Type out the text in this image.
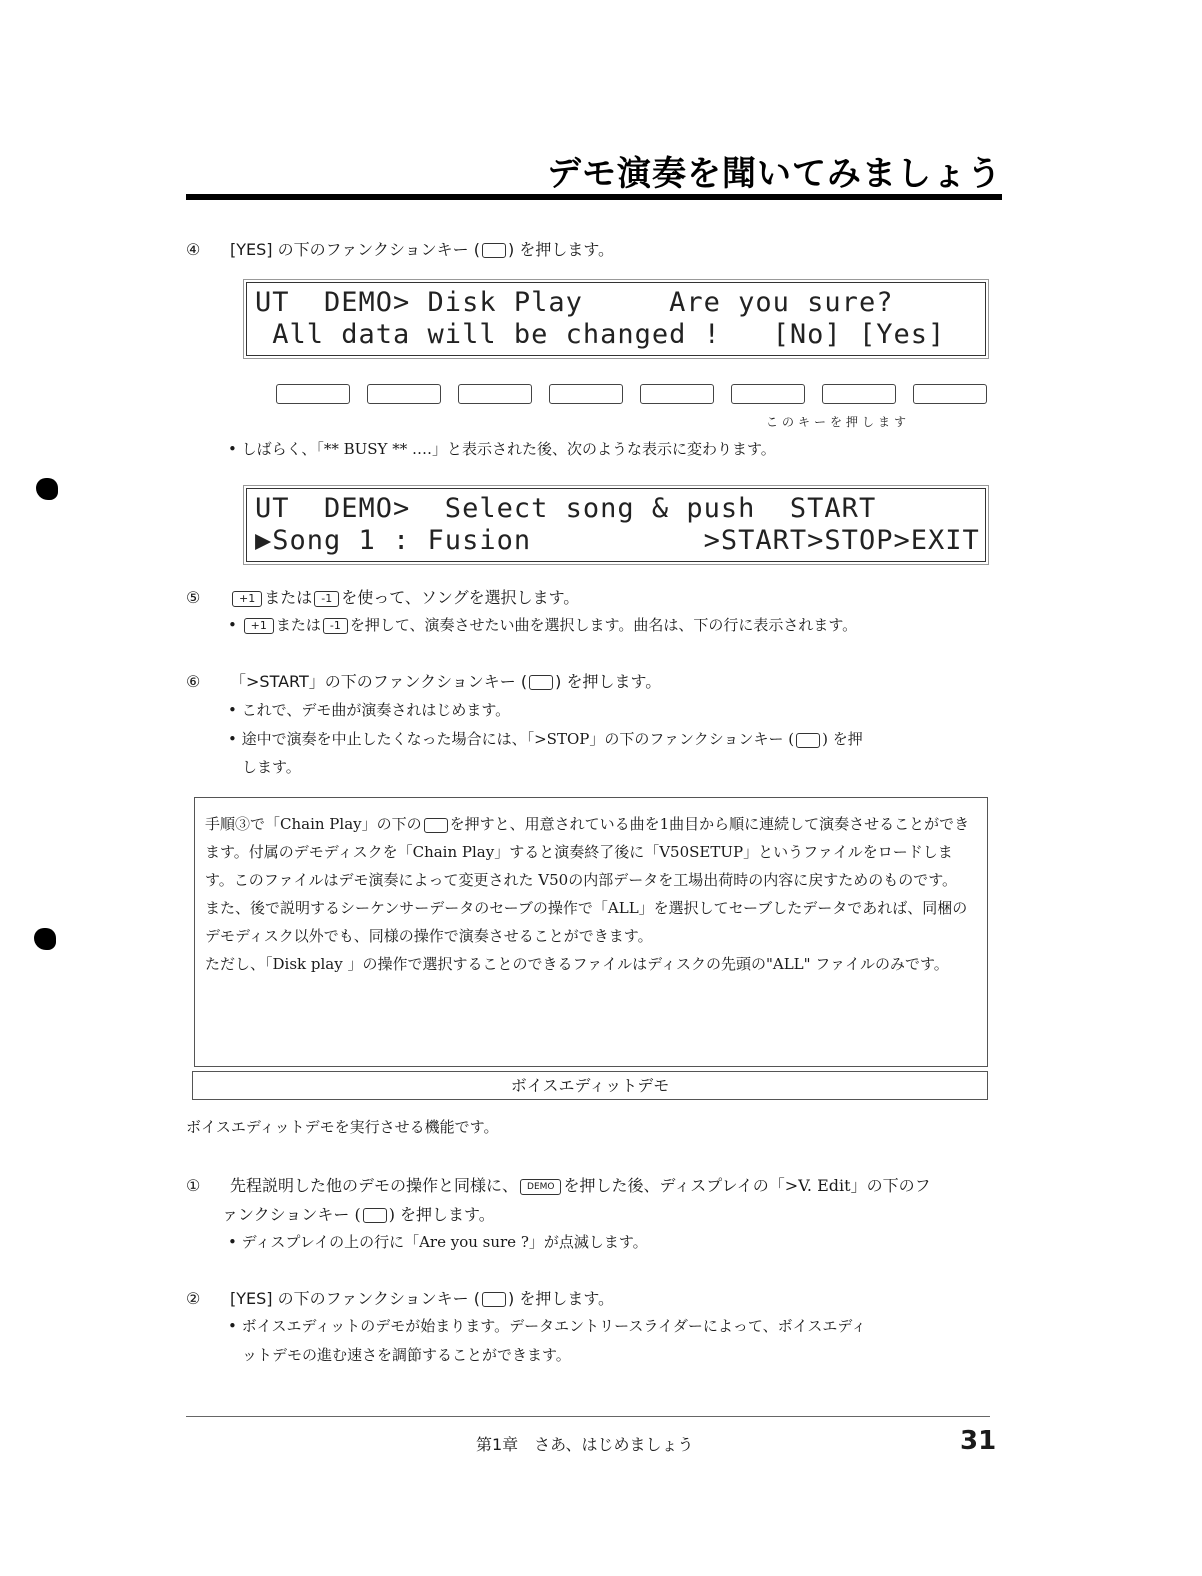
デモ演奏を聞いてみましょう
④ [YES] の下のファンクションキー ( ) を押します。
UT  DEMO> Disk Play     Are you sure?
All data will be changed !   [No] [Yes]
このキーを押します
• しばらく、「** BUSY ** ‥‥」と表示された後、次のような表示に変わります。
UT  DEMO>  Select song & push  START
▶Song 1 : Fusion          >START>STOP>EXIT
⑤	+1 または -1 を使って、ソングを選択します。
• +1 または -1 を押して、演奏させたい曲を選択します。曲名は、下の行に表示されます。
⑥ 「>START」の下のファンクションキー ( ) を押します。
• これで、デモ曲が演奏されはじめます。
• 途中で演奏を中止したくなった場合には、「>STOP」の下のファンクションキー ( ) を押
します。

手順③で「Chain Play」の下の を押すと、用意されている曲を1曲目から順に連続して演奏させることができます。付属のデモディスクを「Chain Play」すると演奏終了後に「V50SETUP」というファイルをロードします。このファイルはデモ演奏によって変更された V50の内部データを工場出荷時の内容に戻すためのものです。

また、後で説明するシーケンサーデータのセーブの操作で「ALL」を選択してセーブしたデータであれば、同梱のデモディスク以外でも、同様の操作で演奏させることができます。

ただし、「Disk play 」の操作で選択することのできるファイルはディスクの先頭の"ALL" ファイルのみです。

ボイスエディットデモ
ボイスエディットデモを実行させる機能です。
① 先程説明した他のデモの操作と同様に、 DEMO を押した後、ディスプレイの「>V. Edit」の下のフ
ァンクションキー ( ) を押します。
• ディスプレイの上の行に「Are you sure ?」が点滅します。
② [YES] の下のファンクションキー ( ) を押します。
• ボイスエディットのデモが始まります。データエントリースライダーによって、ボイスエディ
ットデモの進む速さを調節することができます。
第1章　さあ、はじめましょう	31
